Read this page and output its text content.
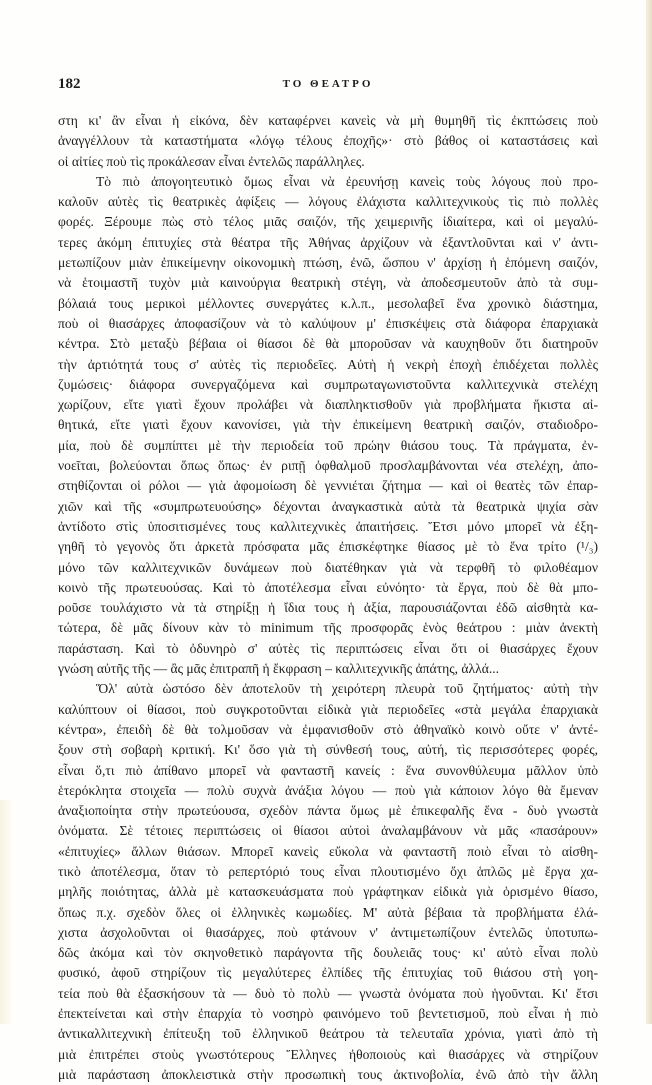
182	ΤΟ ΘΕΑΤΡΟ
στη κι' ἂν εἶναι ἡ εἰκόνα, δὲν καταφέρνει κανεὶς νὰ μὴ θυμηθῆ τὶς ἐκπτώσεις ποὺ
ἀναγγέλλουν τὰ καταστήματα «λόγῳ τέλους ἐποχῆς»· στὸ βάθος οἱ καταστάσεις καὶ
οἱ αἰτίες ποὺ τὶς προκάλεσαν εἶναι ἐντελῶς παράλληλες.
Τὸ πιὸ ἀπογοητευτικὸ ὅμως εἶναι νὰ ἐρευνήσῃ κανεὶς τοὺς λόγους ποὺ προ-
καλοῦν αὐτὲς τὶς θεατρικὲς ἀφίξεις — λόγους ἐλάχιστα καλλιτεχνικοὺς τὶς πιὸ πολλὲς
φορές. Ξέρουμε πὼς στὸ τέλος μιᾶς σαιζόν, τῆς χειμερινῆς ἰδιαίτερα, καὶ οἱ μεγαλύ-
τερες ἀκόμη ἐπιτυχίες στὰ θέατρα τῆς Ἀθήνας ἀρχίζουν νὰ ἐξαντλοῦνται καὶ ν' ἀντι-
μετωπίζουν μιὰν ἐπικείμενην οἰκονομικὴ πτώση, ἐνῶ, ὥσπου ν' ἀρχίσῃ ἡ ἑπόμενη σαιζόν,
νὰ ἑτοιμαστῆ τυχὸν μιὰ καινούργια θεατρικὴ στέγη, νὰ ἀποδεσμευτοῦν ἀπὸ τὰ συμ-
βόλαιά τους μερικοὶ μέλλοντες συνεργάτες κ.λ.π., μεσολαβεῖ ἕνα χρονικὸ διάστημα,
ποὺ οἱ θιασάρχες ἀποφασίζουν νὰ τὸ καλύψουν μ' ἐπισκέψεις στὰ διάφορα ἐπαρχιακὰ
κέντρα. Στὸ μεταξὺ βέβαια οἱ θίασοι δὲ θὰ μποροῦσαν νὰ καυχηθοῦν ὅτι διατηροῦν
τὴν ἀρτιότητά τους σ' αὐτὲς τὶς περιοδεῖες. Αὐτὴ ἡ νεκρὴ ἐποχὴ ἐπιδέχεται πολλὲς
ζυμώσεις· διάφορα συνεργαζόμενα καὶ συμπρωταγωνιστοῦντα καλλιτεχνικὰ στελέχη
χωρίζουν, εἴτε γιατὶ ἔχουν προλάβει νὰ διαπληκτισθοῦν γιὰ προβλήματα ἥκιστα αἰ-
θητικά, εἴτε γιατὶ ἔχουν κανονίσει, γιὰ τὴν ἐπικείμενη θεατρικὴ σαιζόν, σταδιοδρο-
μία, ποὺ δὲ συμπίπτει μὲ τὴν περιοδεία τοῦ πρώην θιάσου τους. Τὰ πράγματα, ἐν-
νοεῖται, βολεύονται ὅπως ὅπως· ἐν ριπῇ ὀφθαλμοῦ προσλαμβάνονται νέα στελέχη, ἀπο-
στηθίζονται οἱ ρόλοι — γιὰ ἀφομοίωση δὲ γεννιέται ζήτημα — καὶ οἱ θεατὲς τῶν ἐπαρ-
χιῶν καὶ τῆς «συμπρωτευούσης» δέχονται ἀναγκαστικὰ αὐτὰ τὰ θεατρικὰ ψιχία σὰν
ἀντίδοτο στὶς ὑποσιτισμένες τους καλλιτεχνικὲς ἀπαιτήσεις. Ἔτσι μόνο μπορεῖ νὰ ἐξη-
γηθῆ τὸ γεγονὸς ὅτι ἀρκετὰ πρόσφατα μᾶς ἐπισκέφτηκε θίασος μὲ τὸ ἕνα τρίτο (¹/₃)
μόνο τῶν καλλιτεχνικῶν δυνάμεων ποὺ διατέθηκαν γιὰ νὰ τερφθῆ τὸ φιλοθέαμον
κοινὸ τῆς πρωτευούσας. Καὶ τὸ ἀποτέλεσμα εἶναι εὐνόητο· τὰ ἔργα, ποὺ δὲ θὰ μπο-
ροῦσε τουλάχιστο νὰ τὰ στηρίξῃ ἡ ἴδια τους ἡ ἀξία, παρουσιάζονται ἐδῶ αἰσθητὰ κα-
τώτερα, δὲ μᾶς δίνουν κὰν τὸ minimum τῆς προσφορᾶς ἑνὸς θεάτρου : μιὰν ἀνεκτὴ
παράσταση. Καὶ τὸ ὀδυνηρὸ σ' αὐτὲς τὶς περιπτώσεις εἶναι ὅτι οἱ θιασάρχες ἔχουν
γνώση αὐτῆς τῆς — ἂς μᾶς ἐπιτραπῆ ἡ ἔκφραση – καλλιτεχνικῆς ἀπάτης, ἀλλά...
Ὅλ' αὐτὰ ὡστόσο δὲν ἀποτελοῦν τὴ χειρότερη πλευρὰ τοῦ ζητήματος· αὐτὴ τὴν
καλύπτουν οἱ θίασοι, ποὺ συγκροτοῦνται εἰδικὰ γιὰ περιοδεῖες «στὰ μεγάλα ἐπαρχιακὰ
κέντρα», ἐπειδὴ δὲ θὰ τολμοῦσαν νὰ ἐμφανισθοῦν στὸ ἀθηναϊκὸ κοινὸ οὔτε ν' ἀντέ-
ξουν στὴ σοβαρὴ κριτική. Κι' ὅσο γιὰ τὴ σύνθεσή τους, αὐτή, τὶς περισσότερες φορές,
εἶναι ὅ,τι πιὸ ἀπίθανο μπορεῖ νὰ φανταστῆ κανείς : ἕνα συνονθύλευμα μᾶλλον ὑπὸ
ἑτερόκλητα στοιχεῖα — πολὺ συχνὰ ἀνάξια λόγου — ποὺ γιὰ κάποιον λόγο θὰ ἔμεναν
ἀναξιοποίητα στὴν πρωτεύουσα, σχεδὸν πάντα ὅμως μὲ ἐπικεφαλῆς ἕνα - δυὸ γνωστὰ
ὀνόματα. Σὲ τέτοιες περιπτώσεις οἱ θίασοι αὐτοὶ ἀναλαμβάνουν νὰ μᾶς «πασάρουν»
«ἐπιτυχίες» ἄλλων θιάσων. Μπορεῖ κανεὶς εὔκολα νὰ φανταστῆ ποιὸ εἶναι τὸ αἰσθη-
τικὸ ἀποτέλεσμα, ὅταν τὸ ρεπερτόριό τους εἶναι πλουτισμένο ὄχι ἁπλῶς μὲ ἔργα χα-
μηλῆς ποιότητας, ἀλλὰ μὲ κατασκευάσματα ποὺ γράφτηκαν εἰδικὰ γιὰ ὁρισμένο θίασο,
ὅπως π.χ. σχεδὸν ὅλες οἱ ἑλληνικὲς κωμωδίες. Μ' αὐτὰ βέβαια τὰ προβλήματα ἐλά-
χιστα ἀσχολοῦνται οἱ θιασάρχες, ποὺ φτάνουν ν' ἀντιμετωπίζουν ἐντελῶς ὑποτυπω-
δῶς ἀκόμα καὶ τὸν σκηνοθετικὸ παράγοντα τῆς δουλειᾶς τους· κι' αὐτὸ εἶναι πολὺ
φυσικό, ἀφοῦ στηρίζουν τὶς μεγαλύτερες ἐλπίδες τῆς ἐπιτυχίας τοῦ θιάσου στὴ γοη-
τεία ποὺ θὰ ἐξασκήσουν τὰ — δυὸ τὸ πολὺ — γνωστὰ ὀνόματα ποὺ ἡγοῦνται. Κι' ἔτσι
ἐπεκτείνεται καὶ στὴν ἐπαρχία τὸ νοσηρὸ φαινόμενο τοῦ βεντετισμοῦ, ποὺ εἶναι ἡ πιὸ
ἀντικαλλιτεχνικὴ ἐπίτευξη τοῦ ἑλληνικοῦ θεάτρου τὰ τελευταῖα χρόνια, γιατὶ ἀπὸ τὴ
μιὰ ἐπιτρέπει στοὺς γνωστότερους Ἕλληνες ἠθοποιοὺς καὶ θιασάρχες νὰ στηρίζουν
μιὰ παράσταση ἀποκλειστικὰ στὴν προσωπικὴ τους ἀκτινοβολία, ἐνῶ ἀπὸ τὴν ἄλλη
